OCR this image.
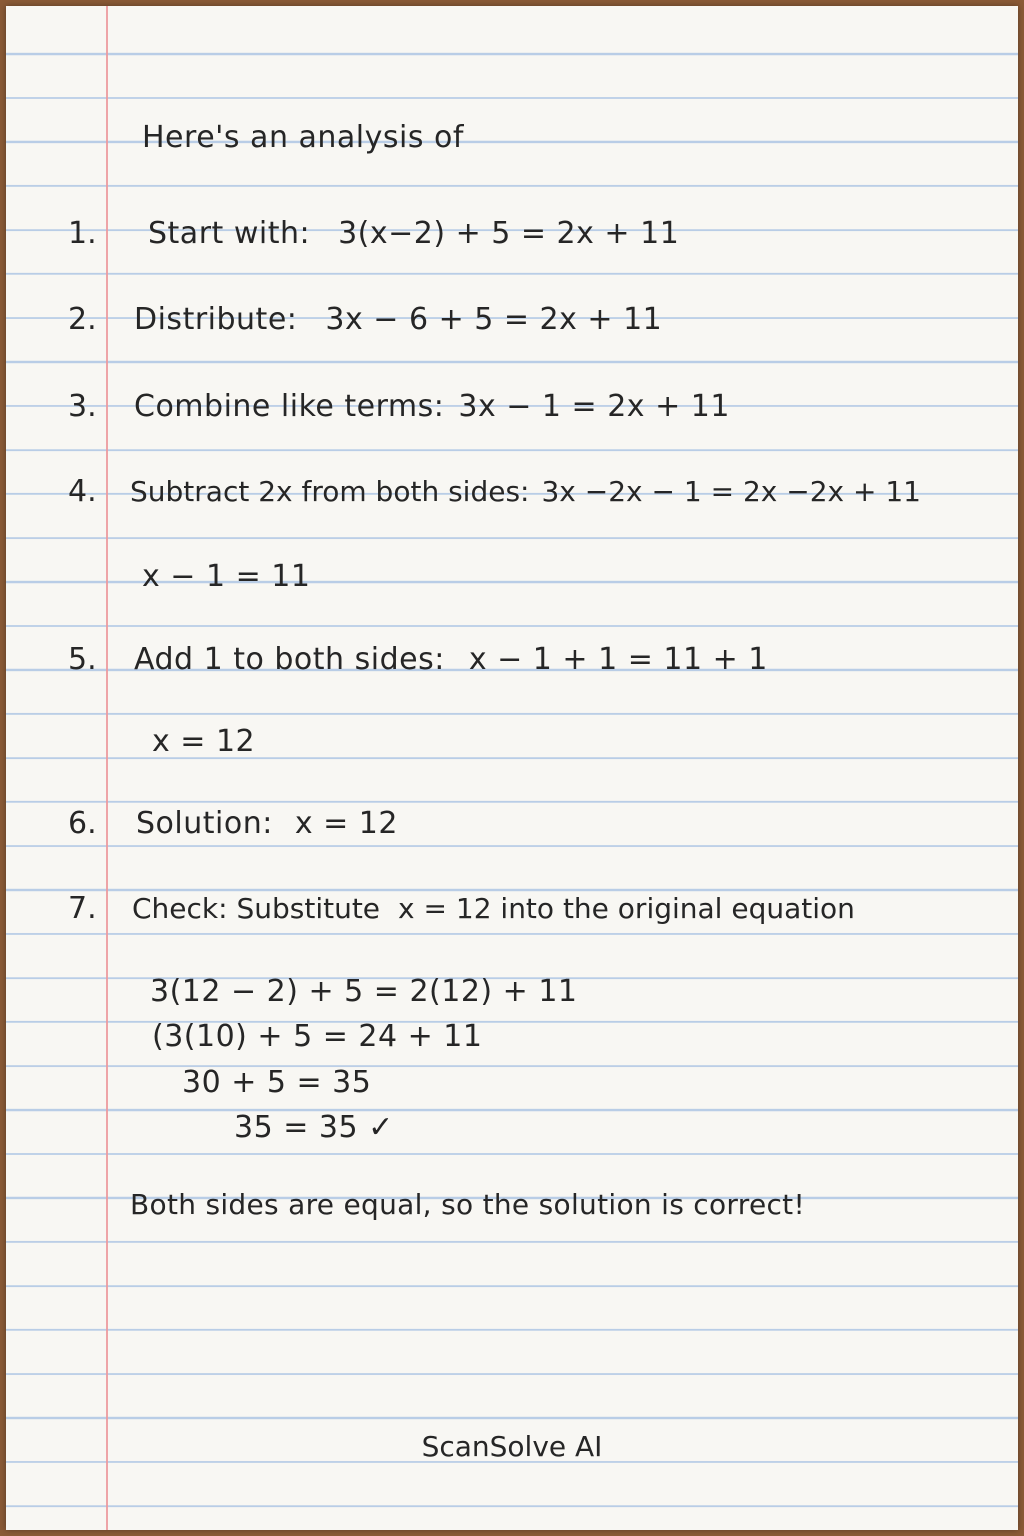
Here's an analysis of
1. Start with: 3(x−2) + 5 = 2x + 11
2. Distribute: 3x − 6 + 5 = 2x + 11
3. Combine like terms: 3x − 1 = 2x + 11
4. Subtract 2x from both sides: 3x −2x − 1 = 2x −2x + 11
x − 1 = 11
5. Add 1 to both sides: x − 1 + 1 = 11 + 1
x = 12
6. Solution: x = 12
7. Check: Substitute x = 12 into the original equation
3(12 − 2) + 5 = 2(12) + 11
(3(10) + 5 = 24 + 11
30 + 5 = 35
35 = 35 ✓
Both sides are equal, so the solution is correct!
ScanSolve AI
